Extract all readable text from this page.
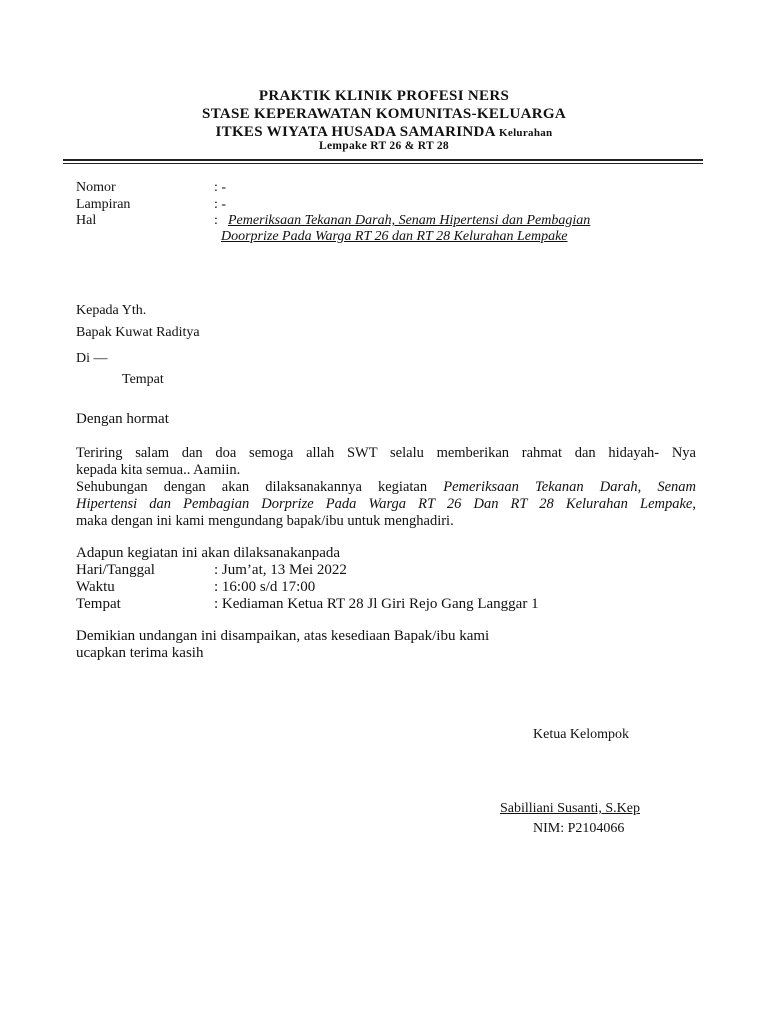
PRAKTIK KLINIK PROFESI NERS
STASE KEPERAWATAN KOMUNITAS-KELUARGA
ITKES WIYATA HUSADA SAMARINDA Kelurahan
Lempake RT 26 & RT 28
Nomor	: -
Lampiran	: -
Hal	: Pemeriksaan Tekanan Darah, Senam Hipertensi dan Pembagian
Doorprize Pada Warga RT 26 dan RT 28 Kelurahan Lempake
Kepada Yth.
Bapak Kuwat Raditya
Di —
Tempat
Dengan hormat
Teriring salam dan doa semoga allah SWT selalu memberikan rahmat dan hidayah- Nya
kepada kita semua.. Aamiin.
Sehubungan dengan akan dilaksanakannya kegiatan Pemeriksaan Tekanan Darah, Senam
Hipertensi dan Pembagian Dorprize Pada Warga RT 26 Dan RT 28 Kelurahan Lempake,
maka dengan ini kami mengundang bapak/ibu untuk menghadiri.
Adapun kegiatan ini akan dilaksanakanpada
Hari/Tanggal	: Jum’at, 13 Mei 2022
Waktu	: 16:00 s/d 17:00
Tempat	: Kediaman Ketua RT 28 Jl Giri Rejo Gang Langgar 1
Demikian undangan ini disampaikan, atas kesediaan Bapak/ibu kami
ucapkan terima kasih
Ketua Kelompok
Sabilliani Susanti, S.Kep
NIM: P2104066
